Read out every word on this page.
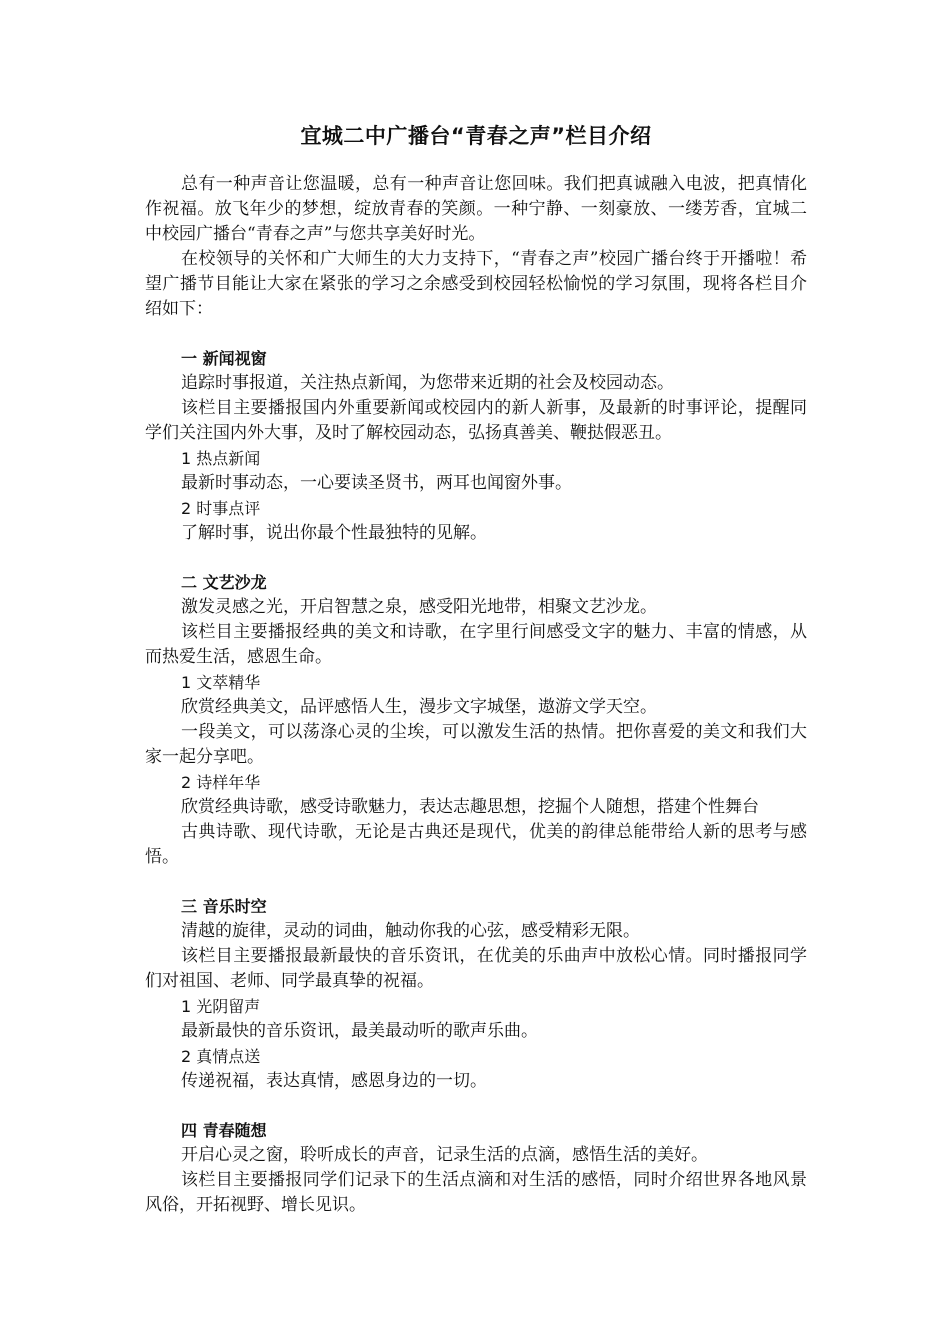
宜城二中广播台“青春之声”栏目介绍

总有一种声音让您温暖，总有一种声音让您回味。我们把真诚融入电波，把真情化作祝福。放飞年少的梦想，绽放青春的笑颜。一种宁静、一刻豪放、一缕芳香，宜城二中校园广播台“青春之声”与您共享美好时光。

在校领导的关怀和广大师生的大力支持下，“青春之声”校园广播台终于开播啦！希望广播节目能让大家在紧张的学习之余感受到校园轻松愉悦的学习氛围，现将各栏目介绍如下：

一 新闻视窗

追踪时事报道，关注热点新闻，为您带来近期的社会及校园动态。

该栏目主要播报国内外重要新闻或校园内的新人新事，及最新的时事评论，提醒同学们关注国内外大事，及时了解校园动态，弘扬真善美、鞭挞假恶丑。

1 热点新闻

最新时事动态，一心要读圣贤书，两耳也闻窗外事。

2 时事点评

了解时事，说出你最个性最独特的见解。

二 文艺沙龙

激发灵感之光，开启智慧之泉，感受阳光地带，相聚文艺沙龙。

该栏目主要播报经典的美文和诗歌，在字里行间感受文字的魅力、丰富的情感，从而热爱生活，感恩生命。

1 文萃精华

欣赏经典美文，品评感悟人生，漫步文字城堡，遨游文学天空。

一段美文，可以荡涤心灵的尘埃，可以激发生活的热情。把你喜爱的美文和我们大家一起分享吧。

2 诗样年华

欣赏经典诗歌，感受诗歌魅力，表达志趣思想，挖掘个人随想，搭建个性舞台

古典诗歌、现代诗歌，无论是古典还是现代，优美的韵律总能带给人新的思考与感悟。

三 音乐时空

清越的旋律，灵动的词曲，触动你我的心弦，感受精彩无限。

该栏目主要播报最新最快的音乐资讯，在优美的乐曲声中放松心情。同时播报同学们对祖国、老师、同学最真挚的祝福。

1 光阴留声

最新最快的音乐资讯，最美最动听的歌声乐曲。

2 真情点送

传递祝福，表达真情，感恩身边的一切。

四 青春随想

开启心灵之窗，聆听成长的声音，记录生活的点滴，感悟生活的美好。

该栏目主要播报同学们记录下的生活点滴和对生活的感悟，同时介绍世界各地风景风俗，开拓视野、增长见识。
